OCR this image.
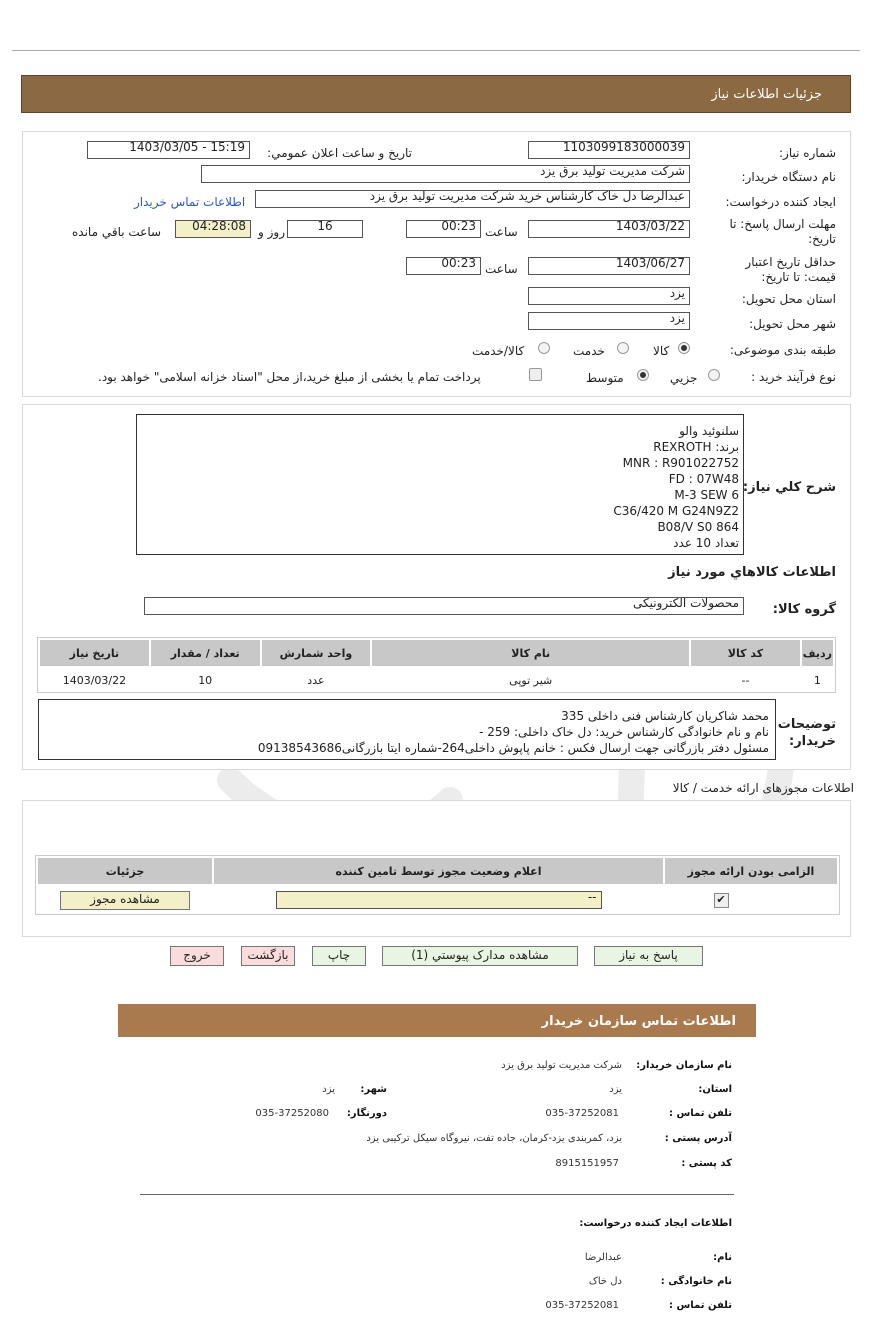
جزئيات اطلاعات نياز
شماره نياز:
1103099183000039
تاريخ و ساعت اعلان عمومي:
1403/03/05 - 15:19
نام دستگاه خريدار:
شرکت مديريت توليد برق يزد
ايجاد کننده درخواست:
عبدالرضا دل خاک کارشناس خريد شرکت مديريت توليد برق يزد
اطلاعات تماس خريدار
مهلت ارسال پاسخ: تا تاريخ:
1403/03/22
ساعت
00:23
16
روز و
04:28:08
ساعت باقي مانده
حداقل تاريخ اعتبار قيمت: تا تاريخ:
1403/06/27
ساعت
00:23
استان محل تحويل:
يزد
شهر محل تحويل:
يزد
طبقه بندی موضوعی:
کالا
خدمت
کالا/خدمت
نوع فرآیند خرید :
جزیي
متوسط
پرداخت تمام یا بخشی از مبلغ خرید،از محل "اسناد خزانه اسلامی" خواهد بود.
شرح کلي نياز:
سلنوئيد والو
برند: REXROTH
MNR : R901022752
FD : 07W48
M-3 SEW 6
C36/420 M G24N9Z2
B08/V S0 864
تعداد 10 عدد
اطلاعات کالاهاي مورد نياز
گروه کالا:
محصولات الکترونيکی
رديف	کد کالا	نام کالا	واحد شمارش	تعداد / مقدار	تاريخ نياز
1	--	شير توپی	عدد	10	1403/03/22
توضيحات خريدار:
محمد شاکريان کارشناس فنی داخلی 335
نام و نام خانوادگی کارشناس خريد: دل خاک داخلی: 259 -
مسئول دفتر بازرگانی جهت ارسال فکس : خانم پاپوش داخلی264-شماره ايتا بازرگانی09138543686
اطلاعات مجوزهای ارائه خدمت / کالا
الزامی بودن ارائه مجوز	اعلام وضعيت مجوز توسط تامين کننده	جزئيات
✔	--	مشاهده مجوز
پاسخ به نياز
مشاهده مدارک پيوستي (1)
چاپ
بازگشت
خروج
اطلاعات تماس سازمان خريدار
نام سازمان خريدار:
شرکت مديريت توليد برق يزد
استان:
يزد
شهر:
يزد
تلفن تماس :
035-37252081
دورنگار:
035-37252080
آدرس پستی :
يزد، کمربندی يزد-کرمان، جاده تفت، نيروگاه سيکل ترکيبی يزد
کد پستی :
8915151957
اطلاعات ايجاد کننده درخواست:
نام:
عبدالرضا
نام خانوادگی :
دل خاک
تلفن تماس :
035-37252081
